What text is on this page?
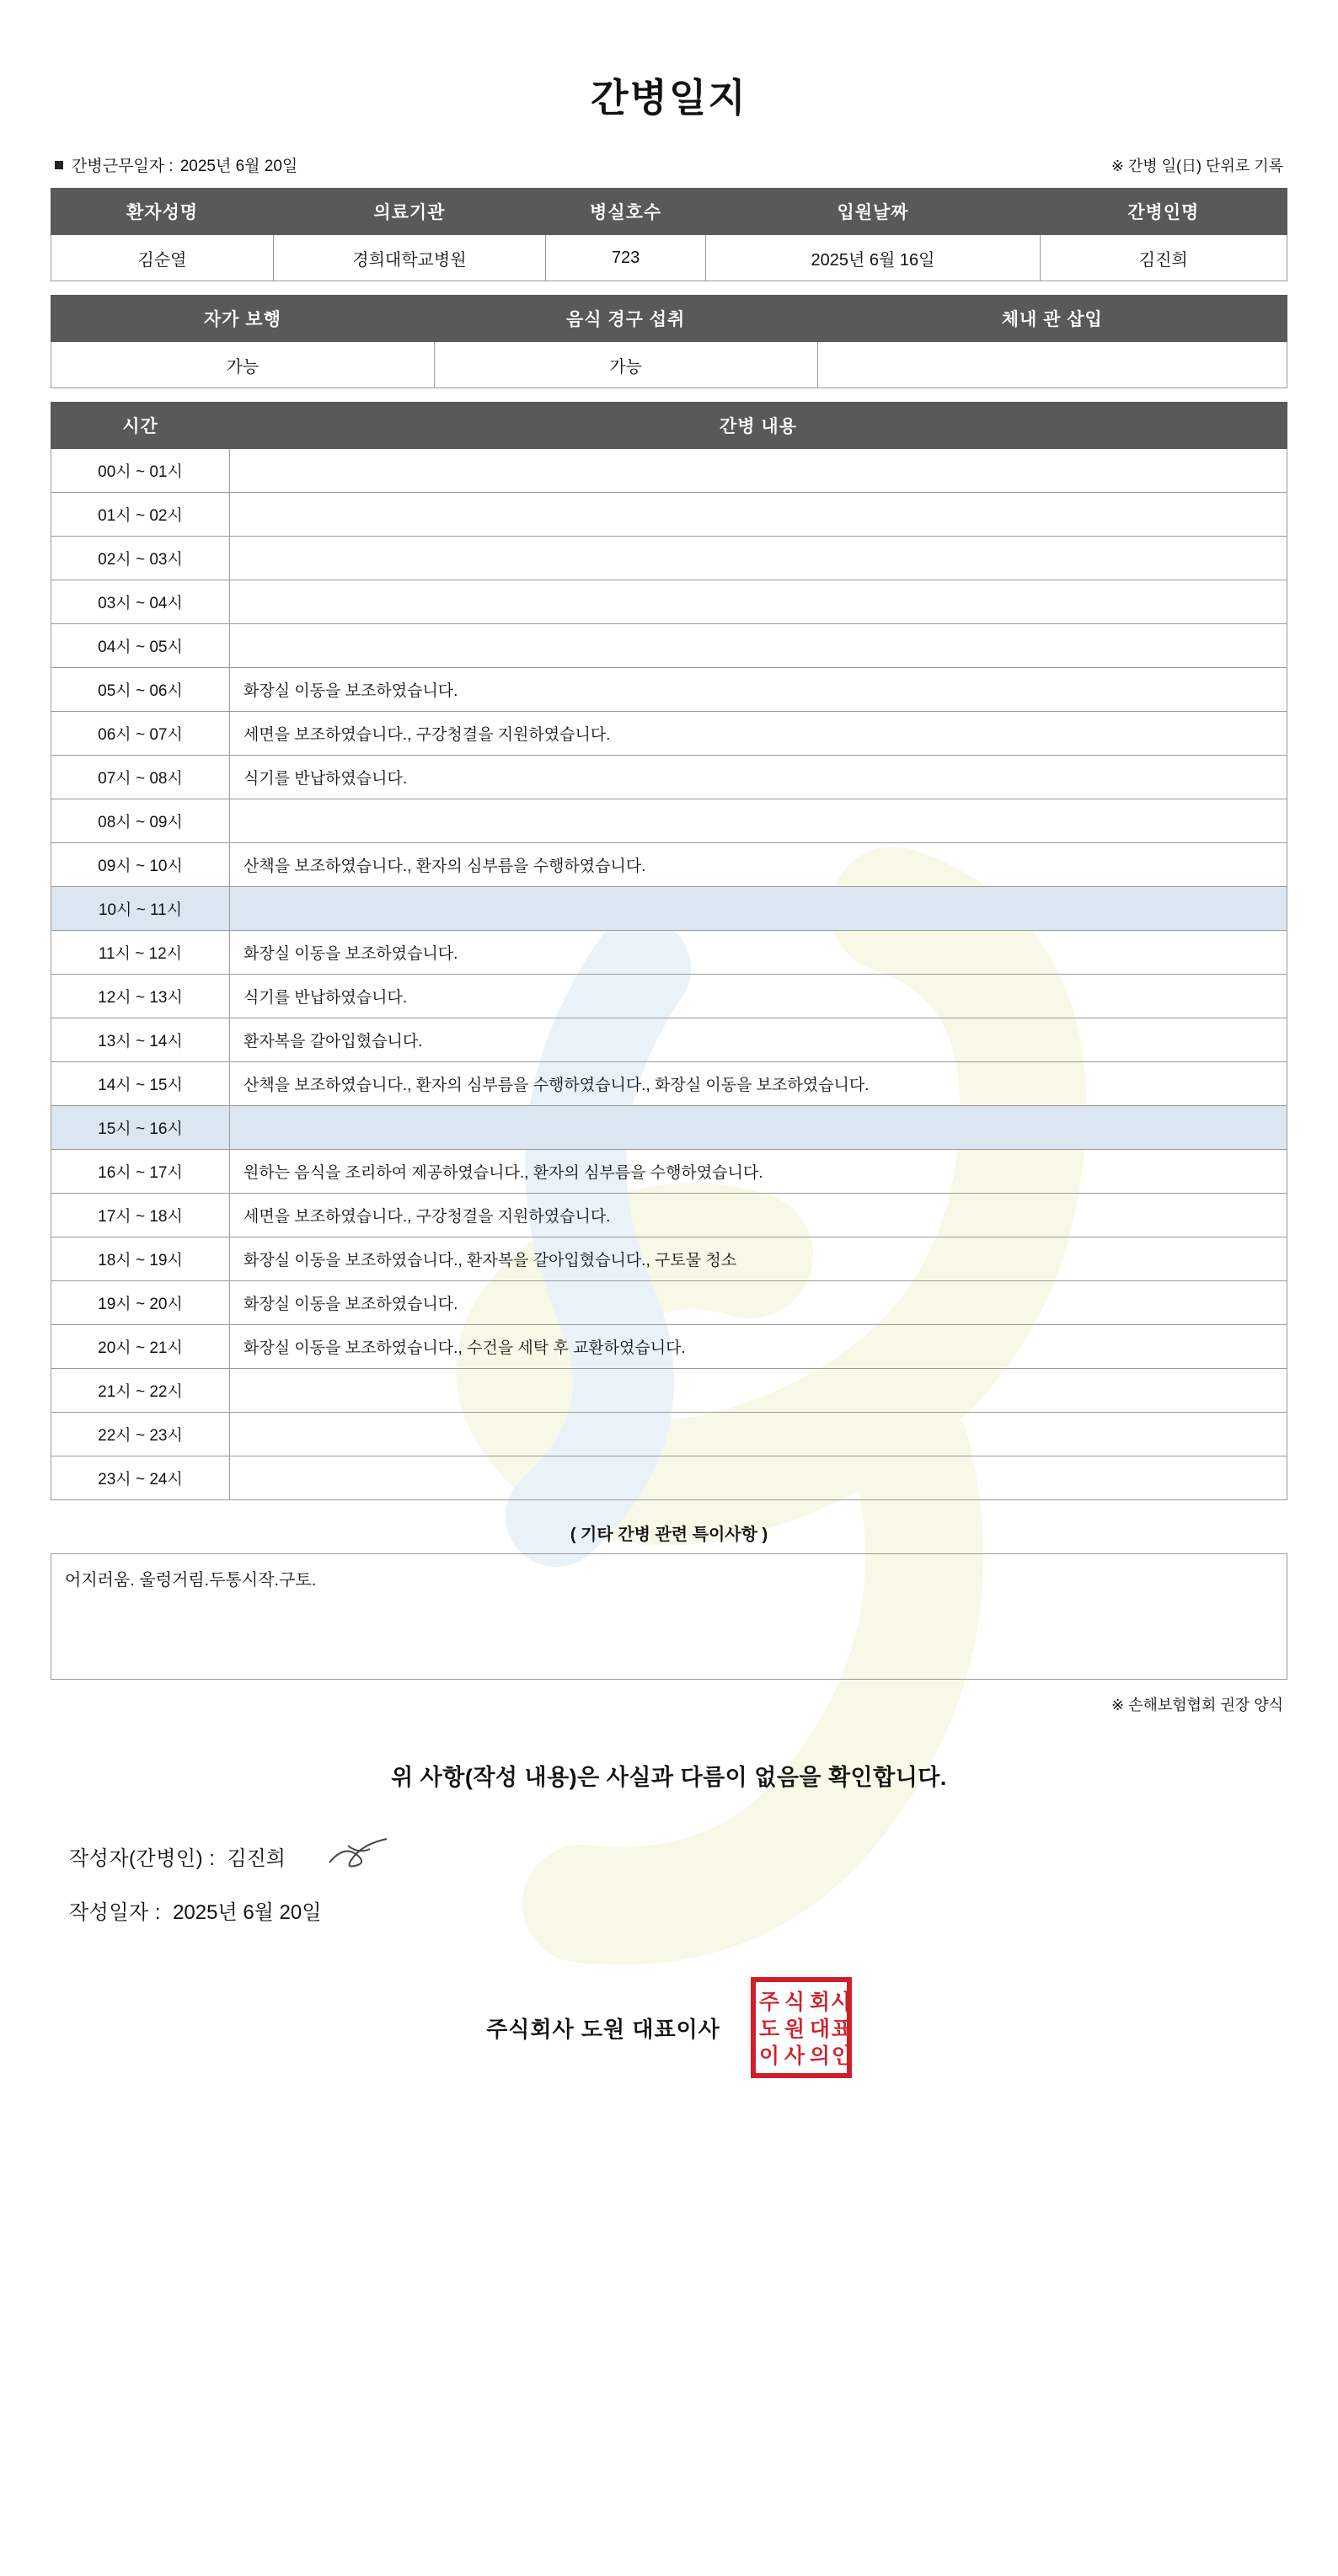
간병일지
간병근무일자 : 2025년 6월 20일	※ 간병 일(日) 단위로 기록
환자성명	의료기관	병실호수	입원날짜	간병인명
김순열	경희대학교병원	723	2025년 6월 16일	김진희
자가 보행	음식 경구 섭취	체내 관 삽입
가능	가능	
시간	간병 내용
00시 ~ 01시	
01시 ~ 02시	
02시 ~ 03시	
03시 ~ 04시	
04시 ~ 05시	
05시 ~ 06시	화장실 이동을 보조하였습니다.
06시 ~ 07시	세면을 보조하였습니다., 구강청결을 지원하였습니다.
07시 ~ 08시	식기를 반납하였습니다.
08시 ~ 09시	
09시 ~ 10시	산책을 보조하였습니다., 환자의 심부름을 수행하였습니다.
10시 ~ 11시	
11시 ~ 12시	화장실 이동을 보조하였습니다.
12시 ~ 13시	식기를 반납하였습니다.
13시 ~ 14시	환자복을 갈아입혔습니다.
14시 ~ 15시	산책을 보조하였습니다., 환자의 심부름을 수행하였습니다., 화장실 이동을 보조하였습니다.
15시 ~ 16시	
16시 ~ 17시	원하는 음식을 조리하여 제공하였습니다., 환자의 심부름을 수행하였습니다.
17시 ~ 18시	세면을 보조하였습니다., 구강청결을 지원하였습니다.
18시 ~ 19시	화장실 이동을 보조하였습니다., 환자복을 갈아입혔습니다., 구토물 청소
19시 ~ 20시	화장실 이동을 보조하였습니다.
20시 ~ 21시	화장실 이동을 보조하였습니다., 수건을 세탁 후 교환하였습니다.
21시 ~ 22시	
22시 ~ 23시	
23시 ~ 24시	
( 기타 간병 관련 특이사항 )
어지러움. 울렁거림.두통시작.구토.
※ 손해보험협회 권장 양식
위 사항(작성 내용)은 사실과 다름이 없음을 확인합니다.
작성자(간병인) : 김진희
작성일자 : 2025년 6월 20일
주식회사 도원 대표이사
주 식 회 사
도 원 대 표
이 사 의 인
